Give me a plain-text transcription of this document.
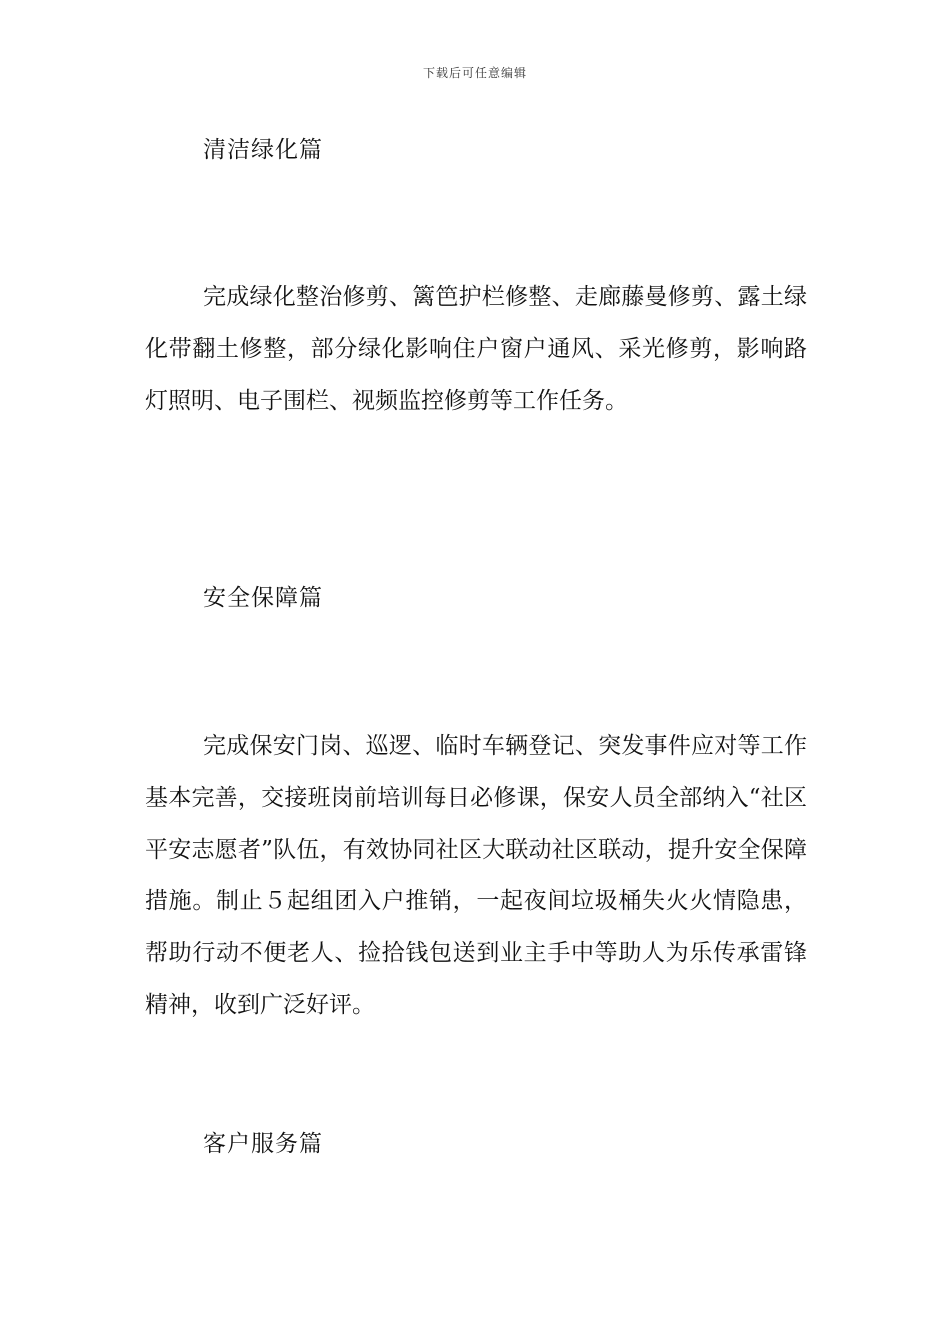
下载后可任意编辑
清洁绿化篇

完成绿化整治修剪、篱笆护栏修整、走廊藤曼修剪、露土绿化带翻土修整，部分绿化影响住户窗户通风、采光修剪，影响路灯照明、电子围栏、视频监控修剪等工作任务。

安全保障篇

完成保安门岗、巡逻、临时车辆登记、突发事件应对等工作基本完善，交接班岗前培训每日必修课，保安人员全部纳入“社区平安志愿者”队伍，有效协同社区大联动社区联动，提升安全保障措施。制止５起组团入户推销，一起夜间垃圾桶失火火情隐患，帮助行动不便老人、捡拾钱包送到业主手中等助人为乐传承雷锋精神，收到广泛好评。

客户服务篇
